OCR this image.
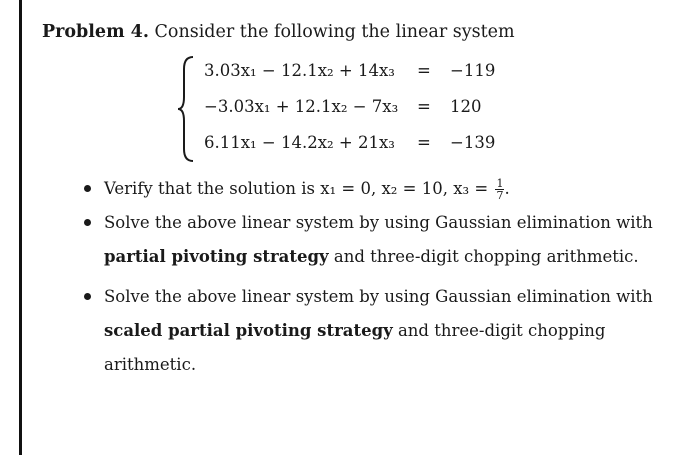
Problem 4. Consider the following the linear system
3.03x₁ − 12.1x₂ + 14x₃ = −119
−3.03x₁ + 12.1x₂ − 7x₃ = 120
6.11x₁ − 14.2x₂ + 21x₃ = −139
Verify that the solution is x₁ = 0, x₂ = 10, $x_3 = \frac{1}{7}$ .
Solve the above linear system by using Gaussian elimination with partial pivoting strategy and three-digit chopping arithmetic.
Solve the above linear system by using Gaussian elimination with scaled partial pivoting strategy and three-digit chopping arithmetic.
